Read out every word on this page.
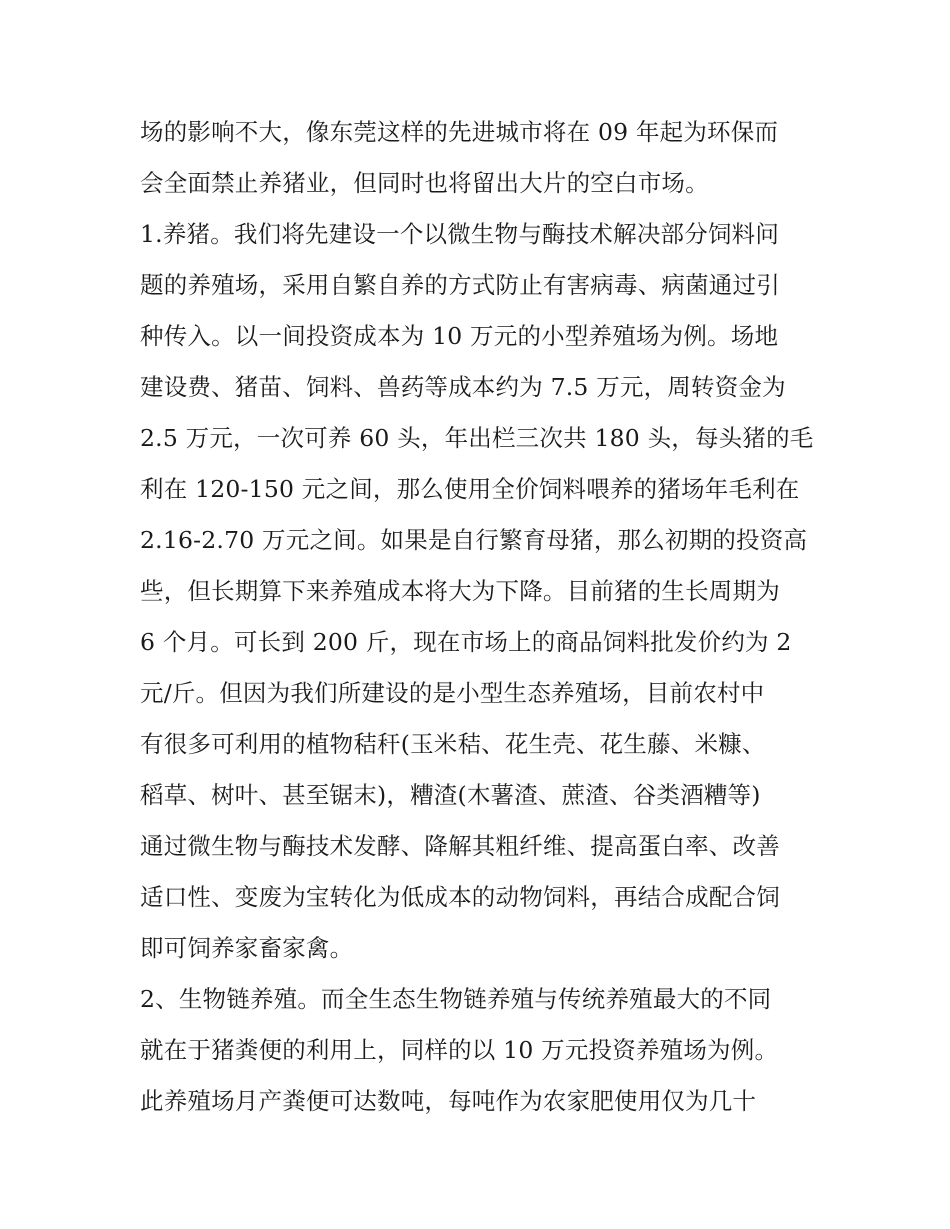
场的影响不大，像东莞这样的先进城市将在 09 年起为环保而
会全面禁止养猪业，但同时也将留出大片的空白市场。
1.养猪。我们将先建设一个以微生物与酶技术解决部分饲料问
题的养殖场，采用自繁自养的方式防止有害病毒、病菌通过引
种传入。以一间投资成本为 10 万元的小型养殖场为例。场地
建设费、猪苗、饲料、兽药等成本约为 7.5 万元，周转资金为
2.5 万元，一次可养 60 头，年出栏三次共 180 头，每头猪的毛
利在 120-150 元之间，那么使用全价饲料喂养的猪场年毛利在
2.16-2.70 万元之间。如果是自行繁育母猪，那么初期的投资高
些，但长期算下来养殖成本将大为下降。目前猪的生长周期为
6 个月。可长到 200 斤，现在市场上的商品饲料批发价约为 2
元/斤。但因为我们所建设的是小型生态养殖场，目前农村中
有很多可利用的植物秸秆(玉米秸、花生壳、花生藤、米糠、
稻草、树叶、甚至锯末)，糟渣(木薯渣、蔗渣、谷类酒糟等)
通过微生物与酶技术发酵、降解其粗纤维、提高蛋白率、改善
适口性、变废为宝转化为低成本的动物饲料，再结合成配合饲
即可饲养家畜家禽。
2、生物链养殖。而全生态生物链养殖与传统养殖最大的不同
就在于猪粪便的利用上，同样的以 10 万元投资养殖场为例。
此养殖场月产粪便可达数吨，每吨作为农家肥使用仅为几十
